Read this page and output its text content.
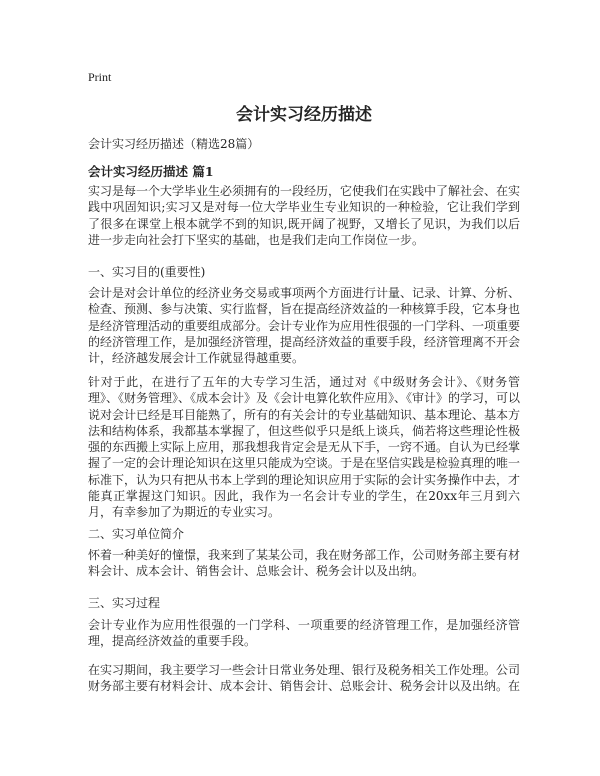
Print
会计实习经历描述
会计实习经历描述（精选28篇）
会计实习经历描述 篇1
实习是每一个大学毕业生必须拥有的一段经历，它使我们在实践中了解社会、在实践中巩固知识;实习又是对每一位大学毕业生专业知识的一种检验，它让我们学到了很多在课堂上根本就学不到的知识,既开阔了视野，又增长了见识，为我们以后进一步走向社会打下坚实的基础，也是我们走向工作岗位一步。
一、实习目的(重要性)
会计是对会计单位的经济业务交易或事项两个方面进行计量、记录、计算、分析、检查、预测、参与决策、实行监督，旨在提高经济效益的一种核算手段，它本身也是经济管理活动的重要组成部分。会计专业作为应用性很强的一门学科、一项重要的经济管理工作，是加强经济管理，提高经济效益的重要手段，经济管理离不开会计，经济越发展会计工作就显得越重要。
针对于此，在进行了五年的大专学习生活，通过对《中级财务会计》、《财务管理》、《财务管理》、《成本会计》及《会计电算化软件应用》、《审计》的学习，可以说对会计已经是耳目能熟了，所有的有关会计的专业基础知识、基本理论、基本方法和结构体系，我都基本掌握了，但这些似乎只是纸上谈兵，倘若将这些理论性极强的东西搬上实际上应用，那我想我肯定会是无从下手，一窍不通。自认为已经掌握了一定的会计理论知识在这里只能成为空谈。于是在坚信实践是检验真理的唯一标准下，认为只有把从书本上学到的理论知识应用于实际的会计实务操作中去，才能真正掌握这门知识。因此，我作为一名会计专业的学生，在20xx年三月到六月，有幸参加了为期近的专业实习。
二、实习单位简介
怀着一种美好的憧憬，我来到了某某公司，我在财务部工作，公司财务部主要有材料会计、成本会计、销售会计、总账会计、税务会计以及出纳。
三、实习过程
会计专业作为应用性很强的一门学科、一项重要的经济管理工作，是加强经济管理，提高经济效益的重要手段。
在实习期间，我主要学习一些会计日常业务处理、银行及税务相关工作处理。公司财务部主要有材料会计、成本会计、销售会计、总账会计、税务会计以及出纳。在
